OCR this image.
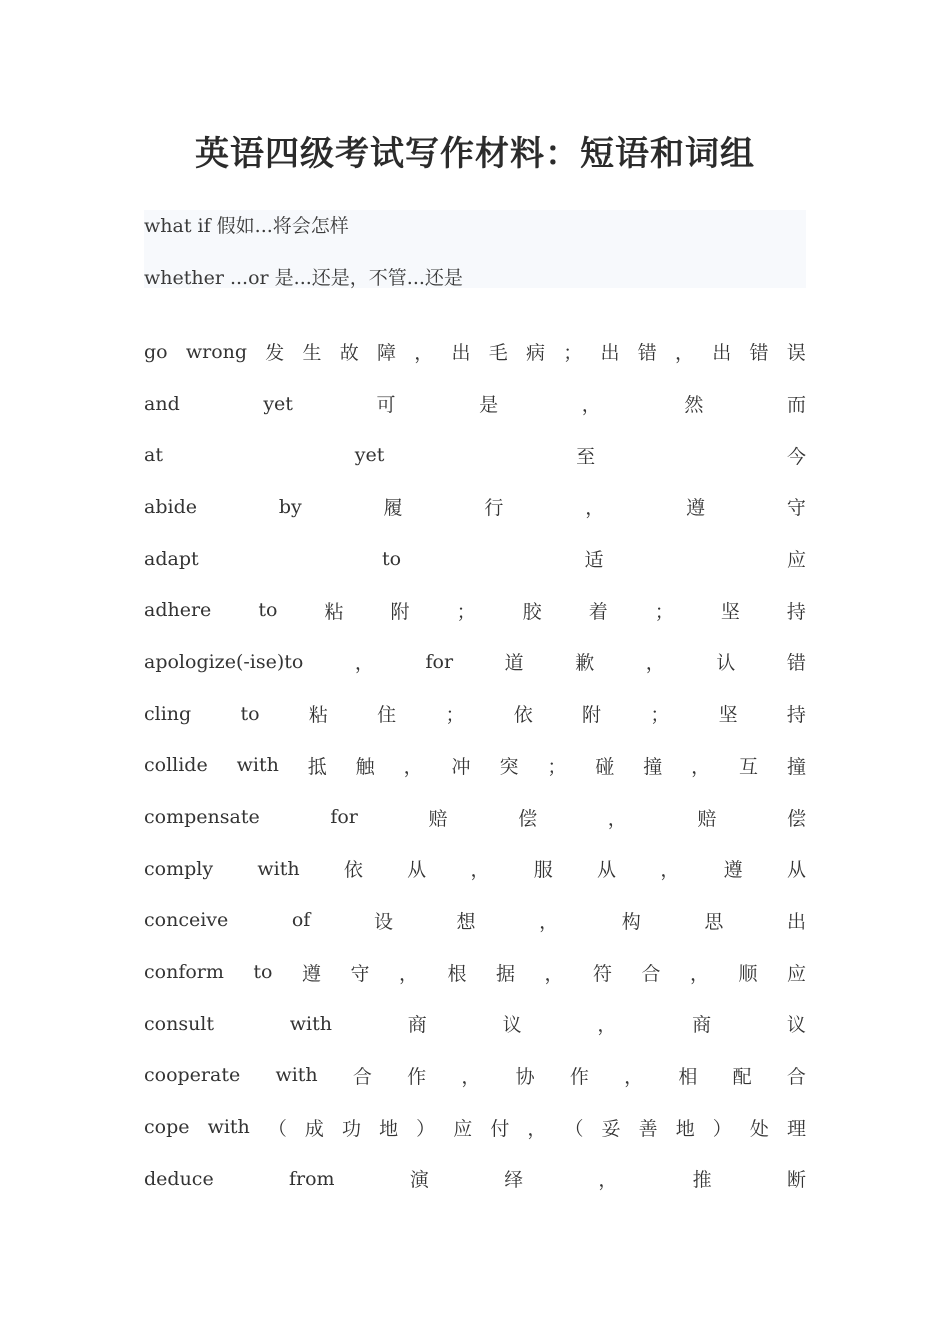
英语四级考试写作材料：短语和词组
what if 假如...将会怎样
whether ...or 是...还是，不管...还是
go wrong 发 生 故 障 ， 出 毛 病 ； 出 错 ， 出 错 误
and	yet	可	是	，	然	而
at	yet	至	今
abide	by	履	行	，	遵	守
adapt	to	适	应
adhere to 粘 附 ； 胶 着 ； 坚 持
apologize(-ise)to	，	for	道	歉	，	认	错
cling	to	粘	住	；	依	附	；	坚	持
collide with 抵 触 ， 冲 突 ； 碰 撞 ， 互 撞
compensate	for	赔	偿	，	赔	偿
comply with 依 从 ， 服 从 ， 遵 从
conceive	of	设	想	，	构	思	出
conform to 遵 守 ， 根 据 ， 符 合 ， 顺 应
consult	with	商	议	，	商	议
cooperate with 合 作 ， 协 作 ， 相 配 合
cope with （ 成 功 地 ） 应 付 ， （ 妥 善 地 ） 处 理
deduce	from	演	绎	，	推	断
